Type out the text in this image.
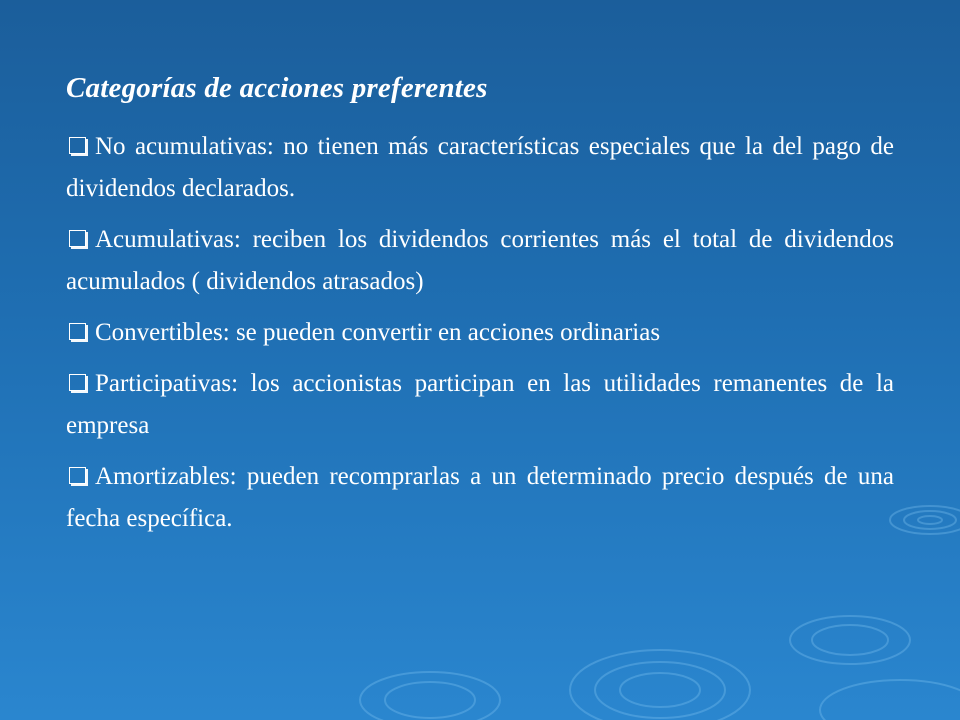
Categorías de acciones preferentes
No acumulativas: no tienen más características especiales que la del pago de dividendos declarados.
Acumulativas: reciben los dividendos corrientes más el total de dividendos acumulados ( dividendos atrasados)
Convertibles: se pueden convertir en acciones ordinarias
Participativas: los accionistas participan en las utilidades remanentes de la empresa
Amortizables: pueden recomprarlas a un determinado precio después de una fecha específica.
